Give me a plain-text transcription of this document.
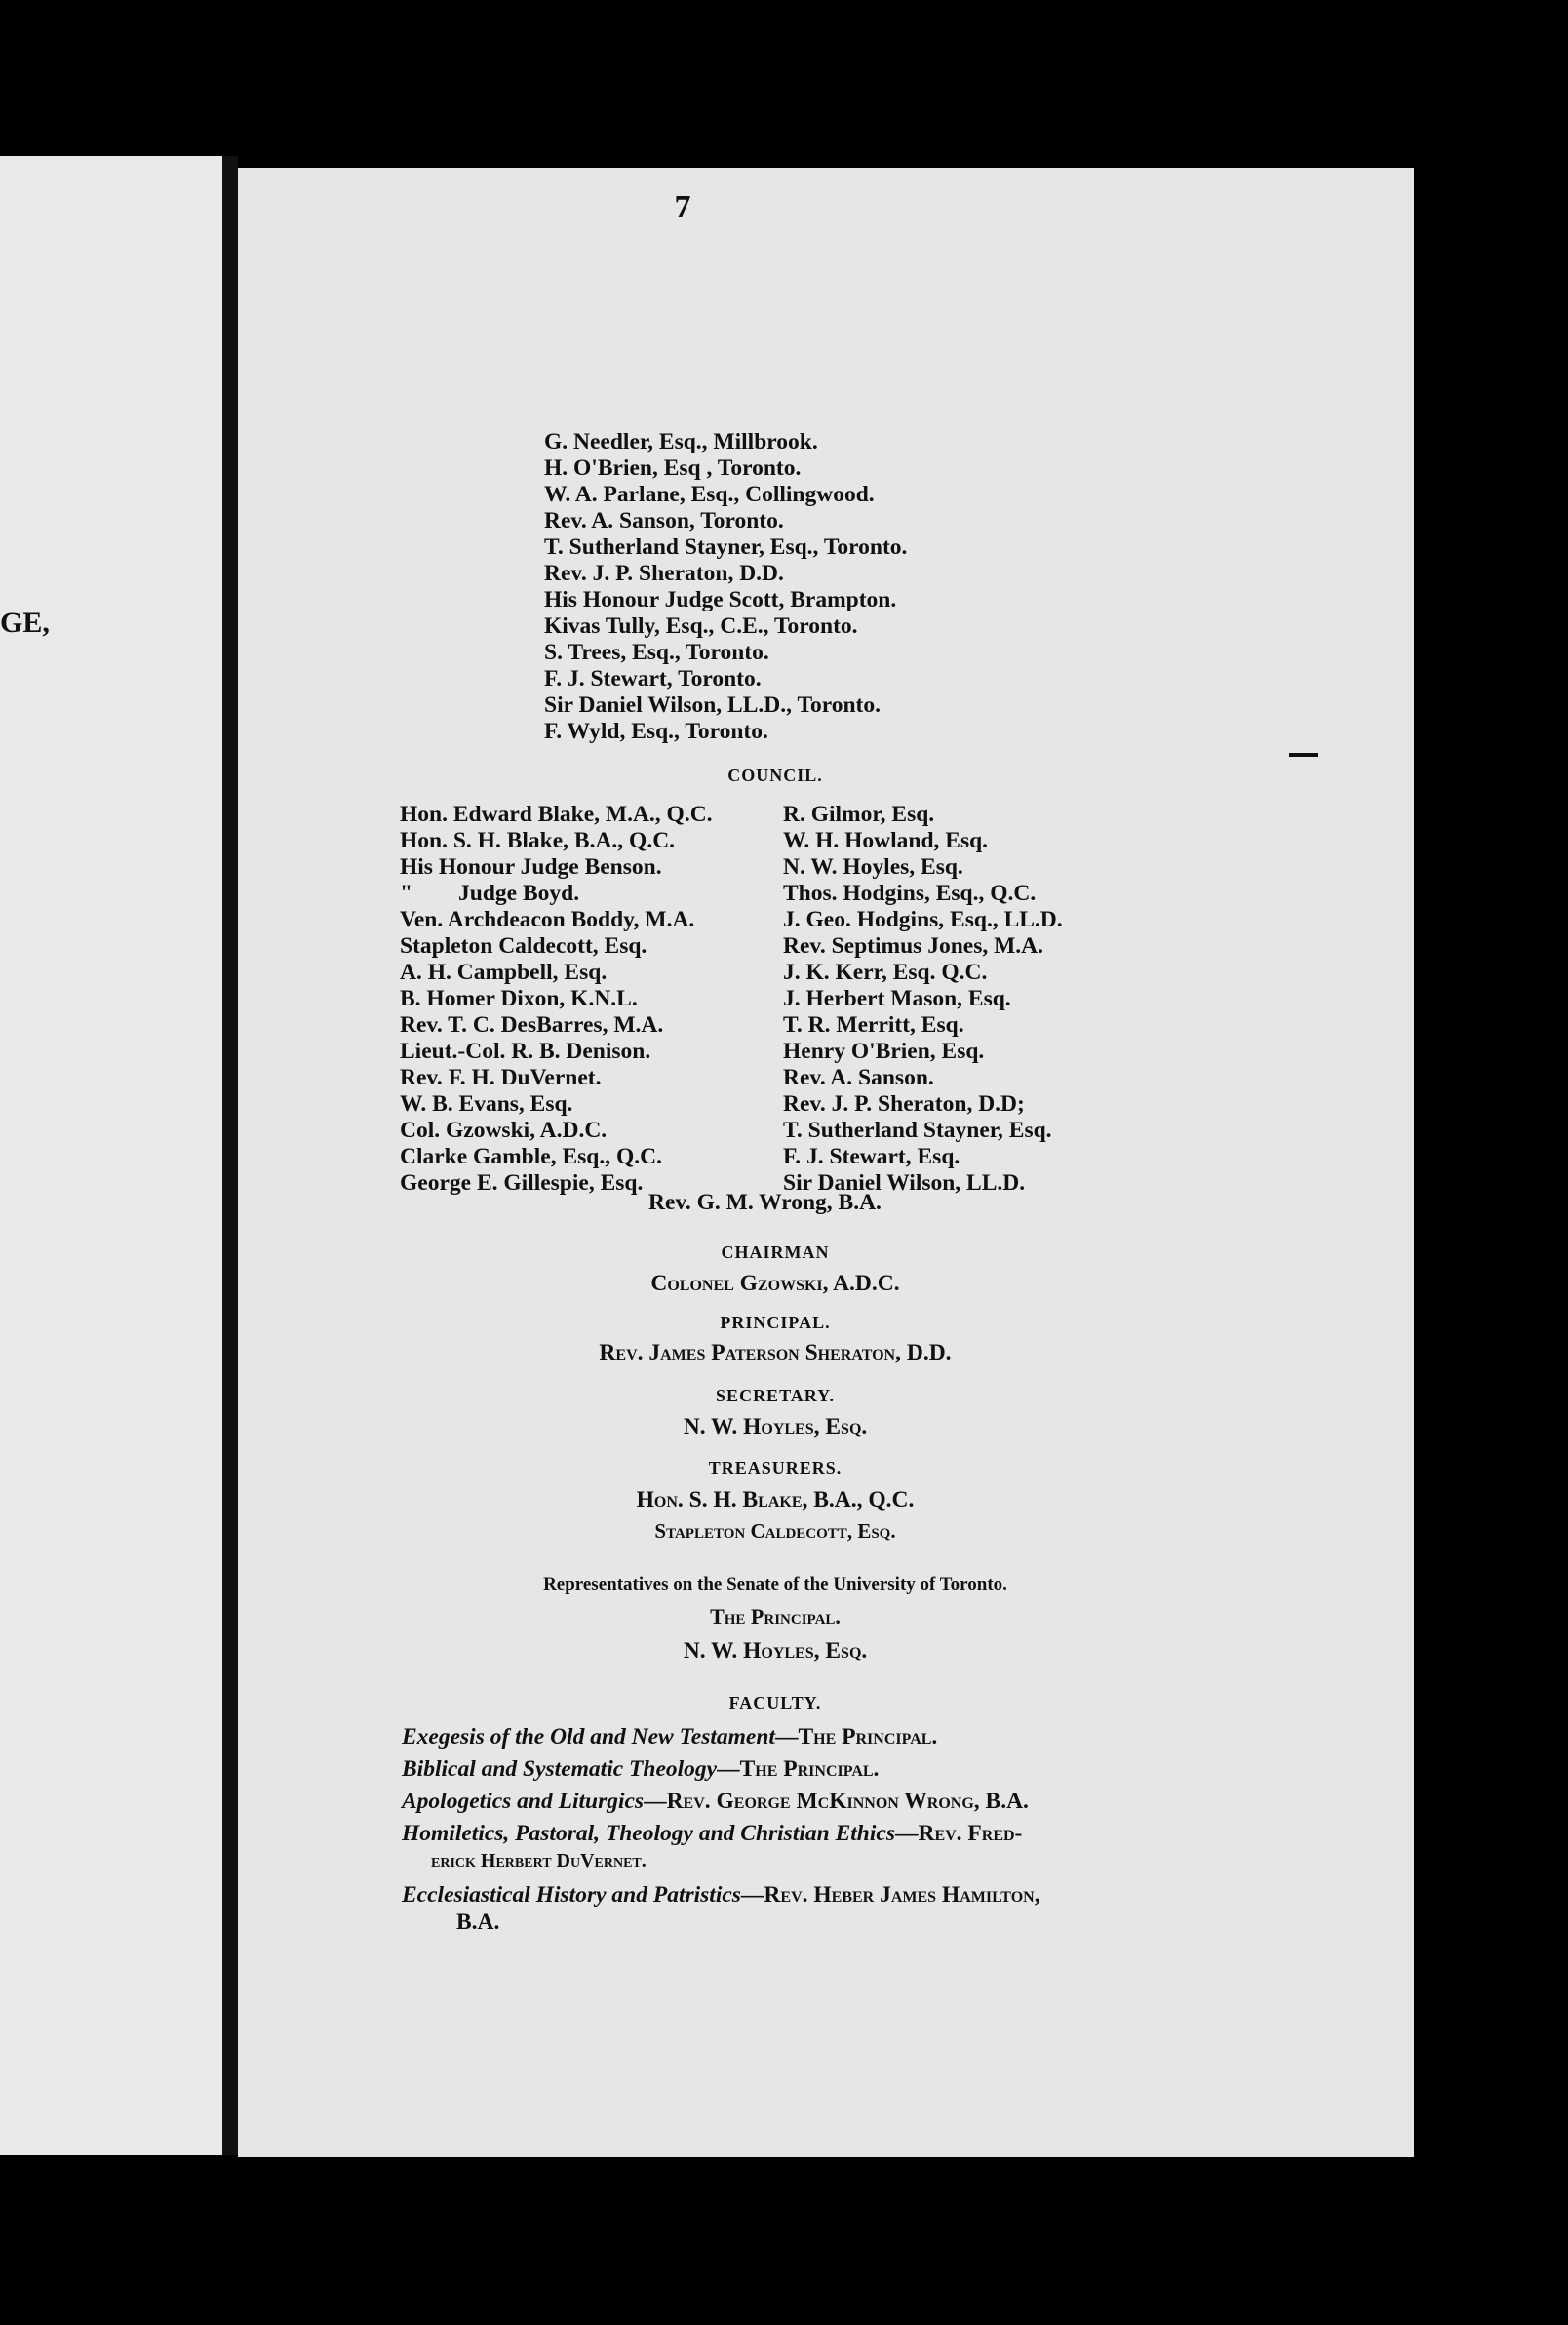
GE,
7
G. Needler, Esq., Millbrook.
H. O'Brien, Esq , Toronto.
W. A. Parlane, Esq., Collingwood.
Rev. A. Sanson, Toronto.
T. Sutherland Stayner, Esq., Toronto.
Rev. J. P. Sheraton, D.D.
His Honour Judge Scott, Brampton.
Kivas Tully, Esq., C.E., Toronto.
S. Trees, Esq., Toronto.
F. J. Stewart, Toronto.
Sir Daniel Wilson, LL.D., Toronto.
F. Wyld, Esq., Toronto.
COUNCIL.
Hon. Edward Blake, M.A., Q.C.
Hon. S. H. Blake, B.A., Q.C.
His Honour Judge Benson.
"        Judge Boyd.
Ven. Archdeacon Boddy, M.A.
Stapleton Caldecott, Esq.
A. H. Campbell, Esq.
B. Homer Dixon, K.N.L.
Rev. T. C. DesBarres, M.A.
Lieut.-Col. R. B. Denison.
Rev. F. H. DuVernet.
W. B. Evans, Esq.
Col. Gzowski, A.D.C.
Clarke Gamble, Esq., Q.C.
George E. Gillespie, Esq.
R. Gilmor, Esq.
W. H. Howland, Esq.
N. W. Hoyles, Esq.
Thos. Hodgins, Esq., Q.C.
J. Geo. Hodgins, Esq., LL.D.
Rev. Septimus Jones, M.A.
J. K. Kerr, Esq. Q.C.
J. Herbert Mason, Esq.
T. R. Merritt, Esq.
Henry O'Brien, Esq.
Rev. A. Sanson.
Rev. J. P. Sheraton, D.D;
T. Sutherland Stayner, Esq.
F. J. Stewart, Esq.
Sir Daniel Wilson, LL.D.
Rev. G. M. Wrong, B.A.
CHAIRMAN
Colonel Gzowski, A.D.C.
PRINCIPAL.
Rev. James Paterson Sheraton, D.D.
SECRETARY.
N. W. Hoyles, Esq.
TREASURERS.
Hon. S. H. Blake, B.A., Q.C.
Stapleton Caldecott, Esq.
Representatives on the Senate of the University of Toronto.
The Principal.
N. W. Hoyles, Esq.
FACULTY.
Exegesis of the Old and New Testament—The Principal.
Biblical and Systematic Theology—The Principal.
Apologetics and Liturgics—Rev. George McKinnon Wrong, B.A.
Homiletics, Pastoral, Theology and Christian Ethics—Rev. Fred-
erick Herbert DuVernet.
Ecclesiastical History and Patristics—Rev. Heber James Hamilton,
B.A.
